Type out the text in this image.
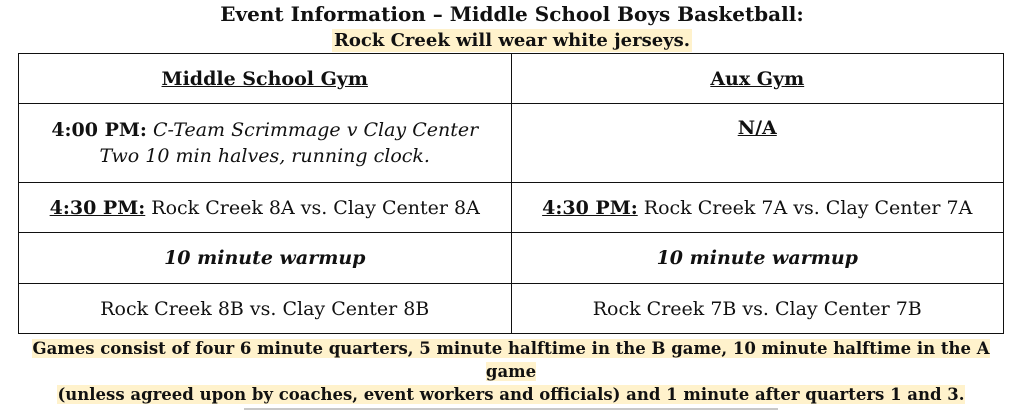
Event Information – Middle School Boys Basketball:
Rock Creek will wear white jerseys.
Middle School Gym	Aux Gym
4:00 PM: C-Team Scrimmage v Clay Center
Two 10 min halves, running clock.	N/A
4:30 PM: Rock Creek 8A vs. Clay Center 8A	4:30 PM: Rock Creek 7A vs. Clay Center 7A
10 minute warmup	10 minute warmup
Rock Creek 8B vs. Clay Center 8B	Rock Creek 7B vs. Clay Center 7B
Games consist of four 6 minute quarters, 5 minute halftime in the B game, 10 minute halftime in the A game
(unless agreed upon by coaches, event workers and officials) and 1 minute after quarters 1 and 3.
